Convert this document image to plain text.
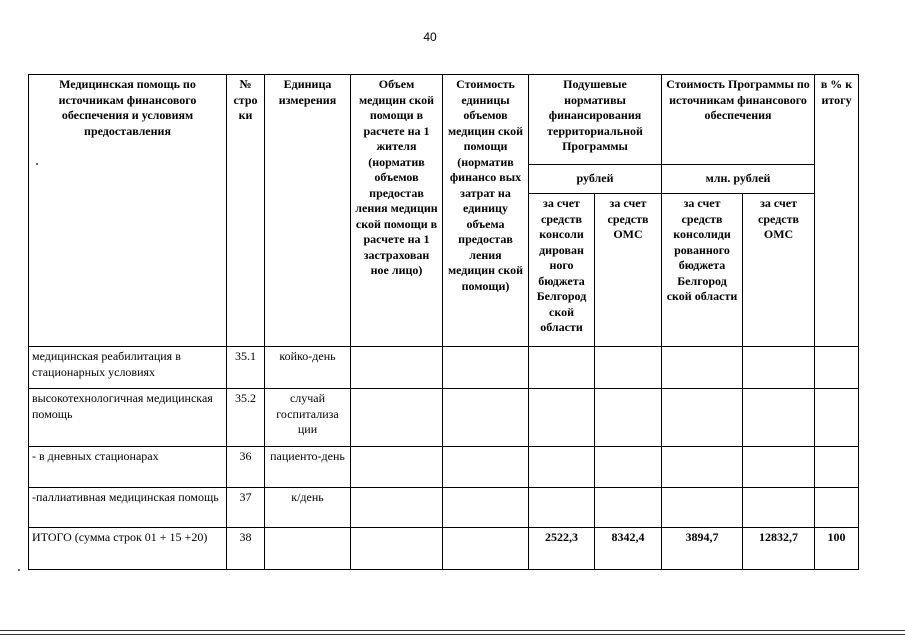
40
Медицинская помощь по источникам финансового обеспечения и условиям предоставления	№ стро ки	Единица измерения	Объем медицин ской помощи в расчете на 1 жителя (норматив объемов предостав ления медицин ской помощи в расчете на 1 застрахован ное лицо)	Стоимость единицы объемов медицин ской помощи (норматив финансо вых затрат на единицу объема предостав ления медицин ской помощи)	Подушевые нормативы финансирования территориальной Программы		Стоимость Программы по источникам финансового обеспечения		в % к итогу
					рублей		млн. рублей		
					за счет средств консоли дирован ного бюджета Белгород ской области	за счет средств ОМС	за счет средств консолиди рованного бюджета Белгород ской области	за счет средств ОМС	
медицинская реабилитация в стационарных условиях	35.1	койко-день							
высокотехнологичная медицинская помощь	35.2	случай госпитализа ции							
- в дневных стационарах	36	пациенто-день							
-паллиативная медицинская помощь	37	к/день							
ИТОГО (сумма строк 01 + 15 +20)	38				2522,3	8342,4	3894,7	12832,7	100
